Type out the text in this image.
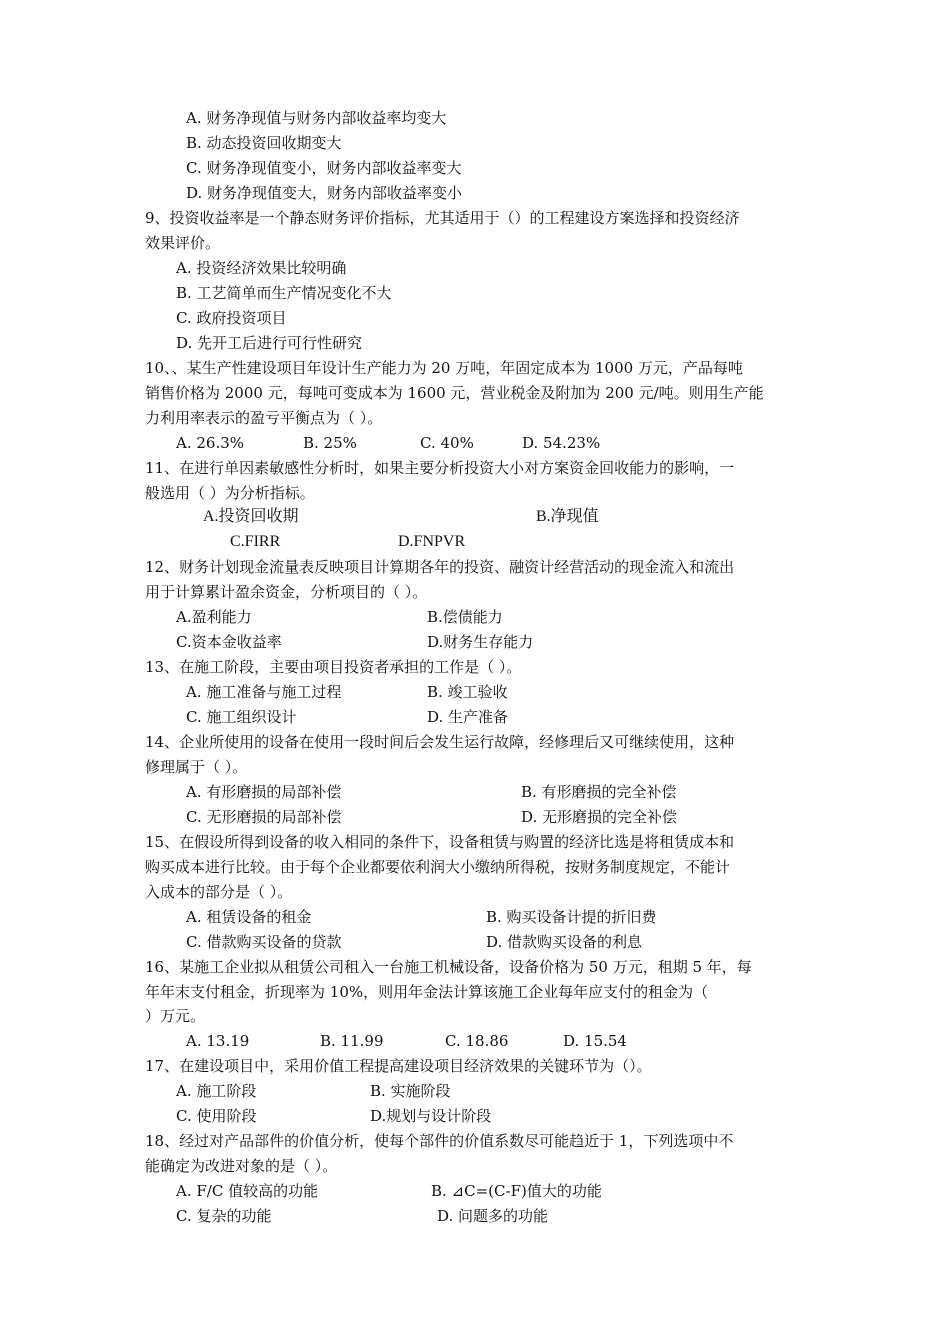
A. 财务净现值与财务内部收益率均变大
B. 动态投资回收期变大
C. 财务净现值变小，财务内部收益率变大
D. 财务净现值变大，财务内部收益率变小
9、投资收益率是一个静态财务评价指标，尤其适用于（）的工程建设方案选择和投资经济
效果评价。
A. 投资经济效果比较明确
B. 工艺简单而生产情况变化不大
C. 政府投资项目
D. 先开工后进行可行性研究
10、、某生产性建设项目年设计生产能力为 20 万吨，年固定成本为 1000 万元，产品每吨
销售价格为 2000 元，每吨可变成本为 1600 元，营业税金及附加为 200 元/吨。则用生产能
力利用率表示的盈亏平衡点为（ ）。
A. 26.3%	B. 25%	C. 40%	D. 54.23%
11、在进行单因素敏感性分析时，如果主要分析投资大小对方案资金回收能力的影响，一
般选用（ ）为分析指标。
A.投资回收期	B.净现值
C.FIRR	D.FNPVR
12、财务计划现金流量表反映项目计算期各年的投资、融资计经营活动的现金流入和流出
用于计算累计盈余资金，分析项目的（ ）。
A.盈利能力	B.偿债能力
C.资本金收益率	D.财务生存能力
13、在施工阶段，主要由项目投资者承担的工作是（ ）。
A. 施工准备与施工过程	B. 竣工验收
C. 施工组织设计	D. 生产准备
14、企业所使用的设备在使用一段时间后会发生运行故障，经修理后又可继续使用，这种
修理属于（ ）。
A. 有形磨损的局部补偿	B. 有形磨损的完全补偿
C. 无形磨损的局部补偿	D. 无形磨损的完全补偿
15、在假设所得到设备的收入相同的条件下，设备租赁与购置的经济比选是将租赁成本和
购买成本进行比较。由于每个企业都要依利润大小缴纳所得税，按财务制度规定，不能计
入成本的部分是（ ）。
A. 租赁设备的租金	B. 购买设备计提的折旧费
C. 借款购买设备的贷款	D. 借款购买设备的利息
16、某施工企业拟从租赁公司租入一台施工机械设备，设备价格为 50 万元，租期 5 年，每
年年末支付租金，折现率为 10%，则用年金法计算该施工企业每年应支付的租金为（
）万元。
A. 13.19	B. 11.99	C. 18.86	D. 15.54
17、在建设项目中，采用价值工程提高建设项目经济效果的关键环节为（）。
A. 施工阶段	B. 实施阶段
C. 使用阶段	D.规划与设计阶段
18、经过对产品部件的价值分析，使每个部件的价值系数尽可能趋近于 1，下列选项中不
能确定为改进对象的是（ ）。
A. F/C 值较高的功能	B. ⊿C=(C-F)值大的功能
C. 复杂的功能	D. 问题多的功能
